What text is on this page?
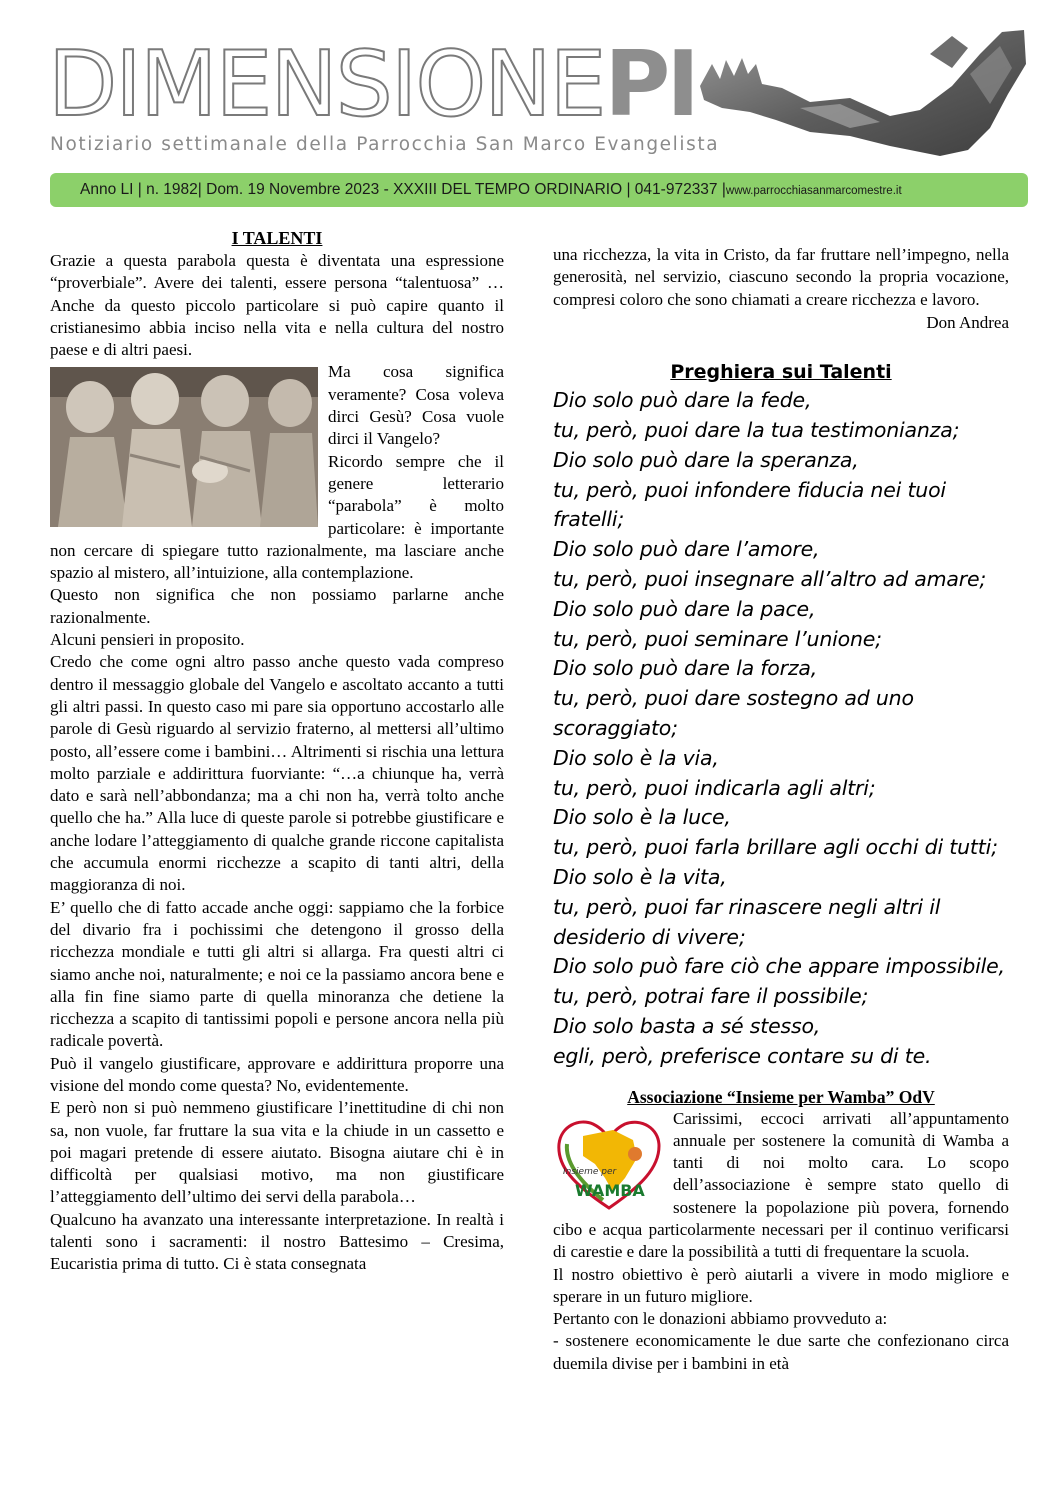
DIMENSIONEPI
Notiziario settimanale della Parrocchia San Marco Evangelista
Anno LI | n. 1982| Dom. 19 Novembre 2023 - XXXIII DEL TEMPO ORDINARIO | 041-972337 |www.parrocchiasanmarcomestre.it
I TALENTI

Grazie a questa parabola questa è diventata una espressione “proverbiale”. Avere dei talenti, essere persona “talentuosa” … Anche da questo piccolo particolare si può capire quanto il cristianesimo abbia inciso nella vita e nella cultura del nostro paese e di altri paesi.

Ma cosa significa veramente? Cosa voleva dirci Gesù? Cosa vuole dirci il Vangelo?

Ricordo sempre che il genere letterario “parabola” è molto particolare: è importante non cercare di spiegare tutto razionalmente, ma lasciare anche spazio al mistero, all’intuizione, alla contemplazione.

Questo non significa che non possiamo parlarne anche razionalmente.

Alcuni pensieri in proposito.

Credo che come ogni altro passo anche questo vada compreso dentro il messaggio globale del Vangelo e ascoltato accanto a tutti gli altri passi. In questo caso mi pare sia opportuno accostarlo alle parole di Gesù riguardo al servizio fraterno, al mettersi all’ultimo posto, all’essere come i bambini… Altrimenti si rischia una lettura molto parziale e addirittura fuorviante: “…a chiunque ha, verrà dato e sarà nell’abbondanza; ma a chi non ha, verrà tolto anche quello che ha.” Alla luce di queste parole si potrebbe giustificare e anche lodare l’atteggiamento di qualche grande riccone capitalista che accumula enormi ricchezze a scapito di tanti altri, della maggioranza di noi.

E’ quello che di fatto accade anche oggi: sappiamo che la forbice del divario fra i pochissimi che detengono il grosso della ricchezza mondiale e tutti gli altri si allarga. Fra questi altri ci siamo anche noi, naturalmente; e noi ce la passiamo ancora bene e alla fin fine siamo parte di quella minoranza che detiene la ricchezza a scapito di tantissimi popoli e persone ancora nella più radicale povertà.

Può il vangelo giustificare, approvare e addirittura proporre una visione del mondo come questa? No, evidentemente.

E però non si può nemmeno giustificare l’inettitudine di chi non sa, non vuole, far fruttare la sua vita e la chiude in un cassetto e poi magari pretende di essere aiutato. Bisogna aiutare chi è in difficoltà per qualsiasi motivo, ma non giustificare l’atteggiamento dell’ultimo dei servi della parabola…

Qualcuno ha avanzato una interessante interpretazione. In realtà i talenti sono i sacramenti: il nostro Battesimo – Cresima, Eucaristia prima di tutto. Ci è stata consegnata

una ricchezza, la vita in Cristo, da far fruttare nell’impegno, nella generosità, nel servizio, ciascuno secondo la propria vocazione, compresi coloro che sono chiamati a creare ricchezza e lavoro.

Don Andrea
Preghiera sui Talenti
Dio solo può dare la fede,
tu, però, puoi dare la tua testimonianza;
Dio solo può dare la speranza,
tu, però, puoi infondere fiducia nei tuoi
fratelli;
Dio solo può dare l’amore,
tu, però, puoi insegnare all’altro ad amare;
Dio solo può dare la pace,
tu, però, puoi seminare l’unione;
Dio solo può dare la forza,
tu, però, puoi dare sostegno ad uno
scoraggiato;
Dio solo è la via,
tu, però, puoi indicarla agli altri;
Dio solo è la luce,
tu, però, puoi farla brillare agli occhi di tutti;
Dio solo è la vita,
tu, però, puoi far rinascere negli altri il
desiderio di vivere;
Dio solo può fare ciò che appare impossibile,
tu, però, potrai fare il possibile;
Dio solo basta a sé stesso,
egli, però, preferisce contare su di te.
Associazione “Insieme per Wamba” OdV
Insieme per
WAMBA

Carissimi, eccoci arrivati all’appuntamento annuale per sostenere la comunità di Wamba a tanti di noi molto cara. Lo scopo dell’associazione è sempre stato quello di sostenere la popolazione più povera, fornendo cibo e acqua particolarmente necessari per il continuo verificarsi di carestie e dare la possibilità a tutti di frequentare la scuola.

Il nostro obiettivo è però aiutarli a vivere in modo migliore e sperare in un futuro migliore.

Pertanto con le donazioni abbiamo provveduto a:

- sostenere economicamente le due sarte che confezionano circa duemila divise per i bambini in età
